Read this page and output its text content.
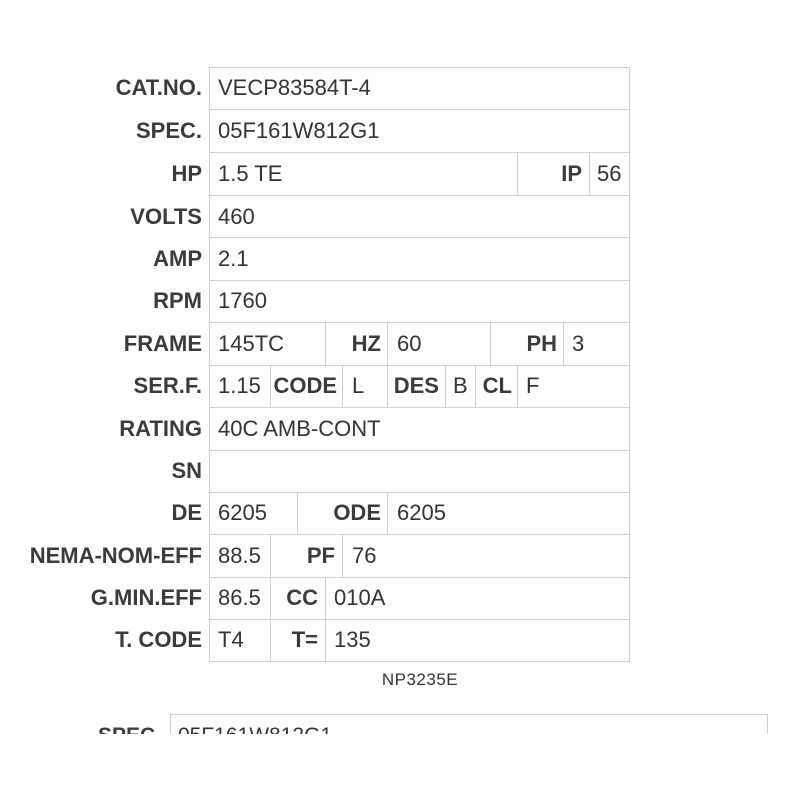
CAT.NO. VECP83584T-4
SPEC. 05F161W812G1
HP 1.5 TE	IP 56
VOLTS 460
AMP 2.1
RPM 1760
FRAME 145TC	HZ 60	PH 3
SER.F. 1.15 CODE L DES B CL F
RATING 40C AMB-CONT
SN
DE 6205	ODE 6205
NEMA-NOM-EFF 88.5	PF 76
G.MIN.EFF 86.5	CC 010A
T. CODE T4	T= 135
NP3235E
